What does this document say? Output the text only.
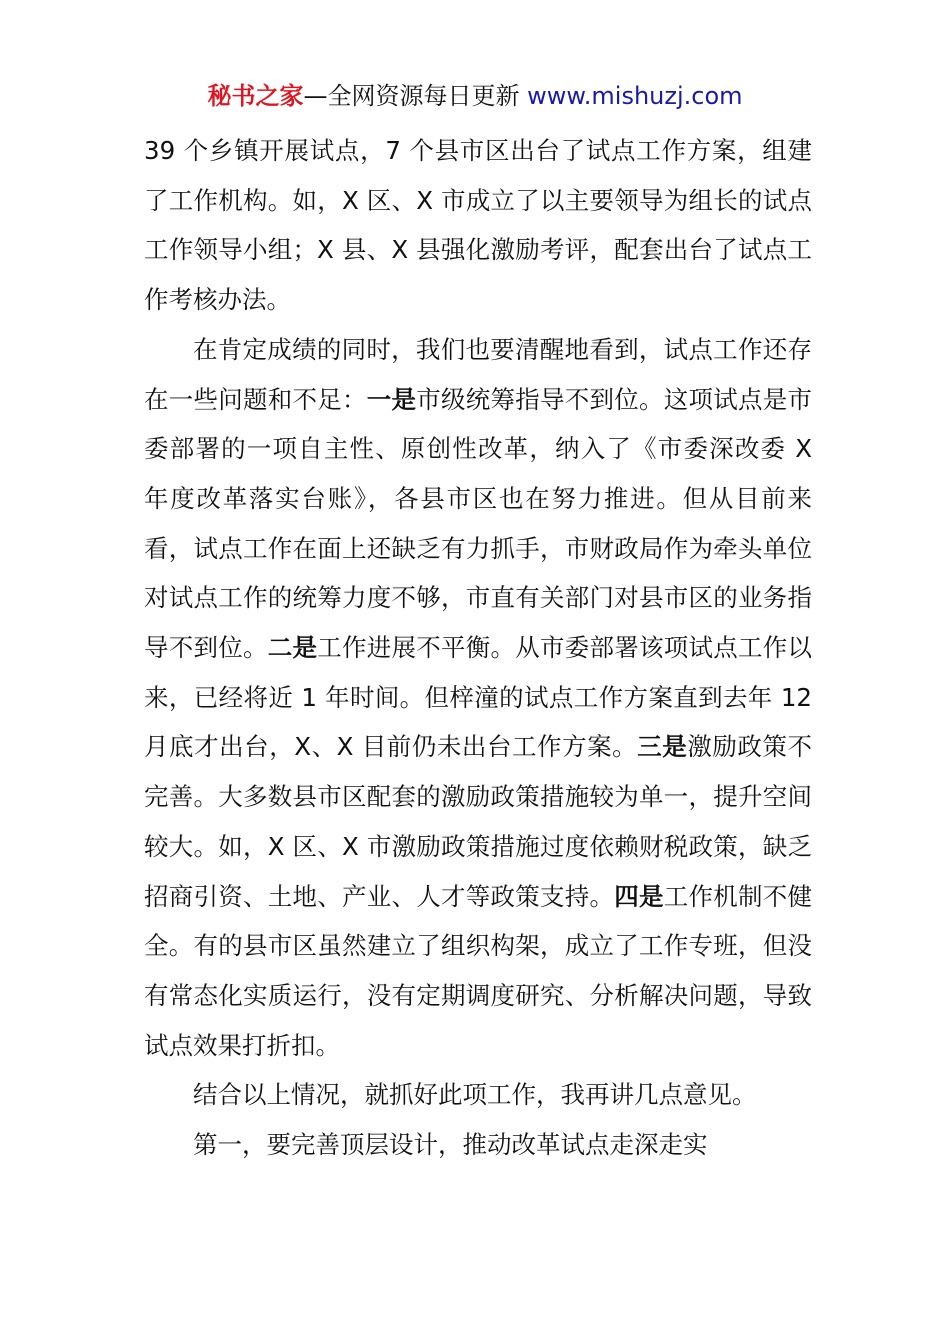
秘书之家—全网资源每日更新 www.mishuzj.com

39 个乡镇开展试点，7 个县市区出台了试点工作方案，组建了工作机构。如，X 区、X 市成立了以主要领导为组长的试点工作领导小组；X 县、X 县强化激励考评，配套出台了试点工作考核办法。

在肯定成绩的同时，我们也要清醒地看到，试点工作还存在一些问题和不足：一是市级统筹指导不到位。这项试点是市委部署的一项自主性、原创性改革，纳入了《市委深改委 X 年度改革落实台账》，各县市区也在努力推进。但从目前来看，试点工作在面上还缺乏有力抓手，市财政局作为牵头单位对试点工作的统筹力度不够，市直有关部门对县市区的业务指导不到位。二是工作进展不平衡。从市委部署该项试点工作以来，已经将近 1 年时间。但梓潼的试点工作方案直到去年 12 月底才出台，X、X 目前仍未出台工作方案。三是激励政策不完善。大多数县市区配套的激励政策措施较为单一，提升空间较大。如，X 区、X 市激励政策措施过度依赖财税政策，缺乏招商引资、土地、产业、人才等政策支持。四是工作机制不健全。有的县市区虽然建立了组织构架，成立了工作专班，但没有常态化实质运行，没有定期调度研究、分析解决问题，导致试点效果打折扣。

结合以上情况，就抓好此项工作，我再讲几点意见。

第一，要完善顶层设计，推动改革试点走深走实
